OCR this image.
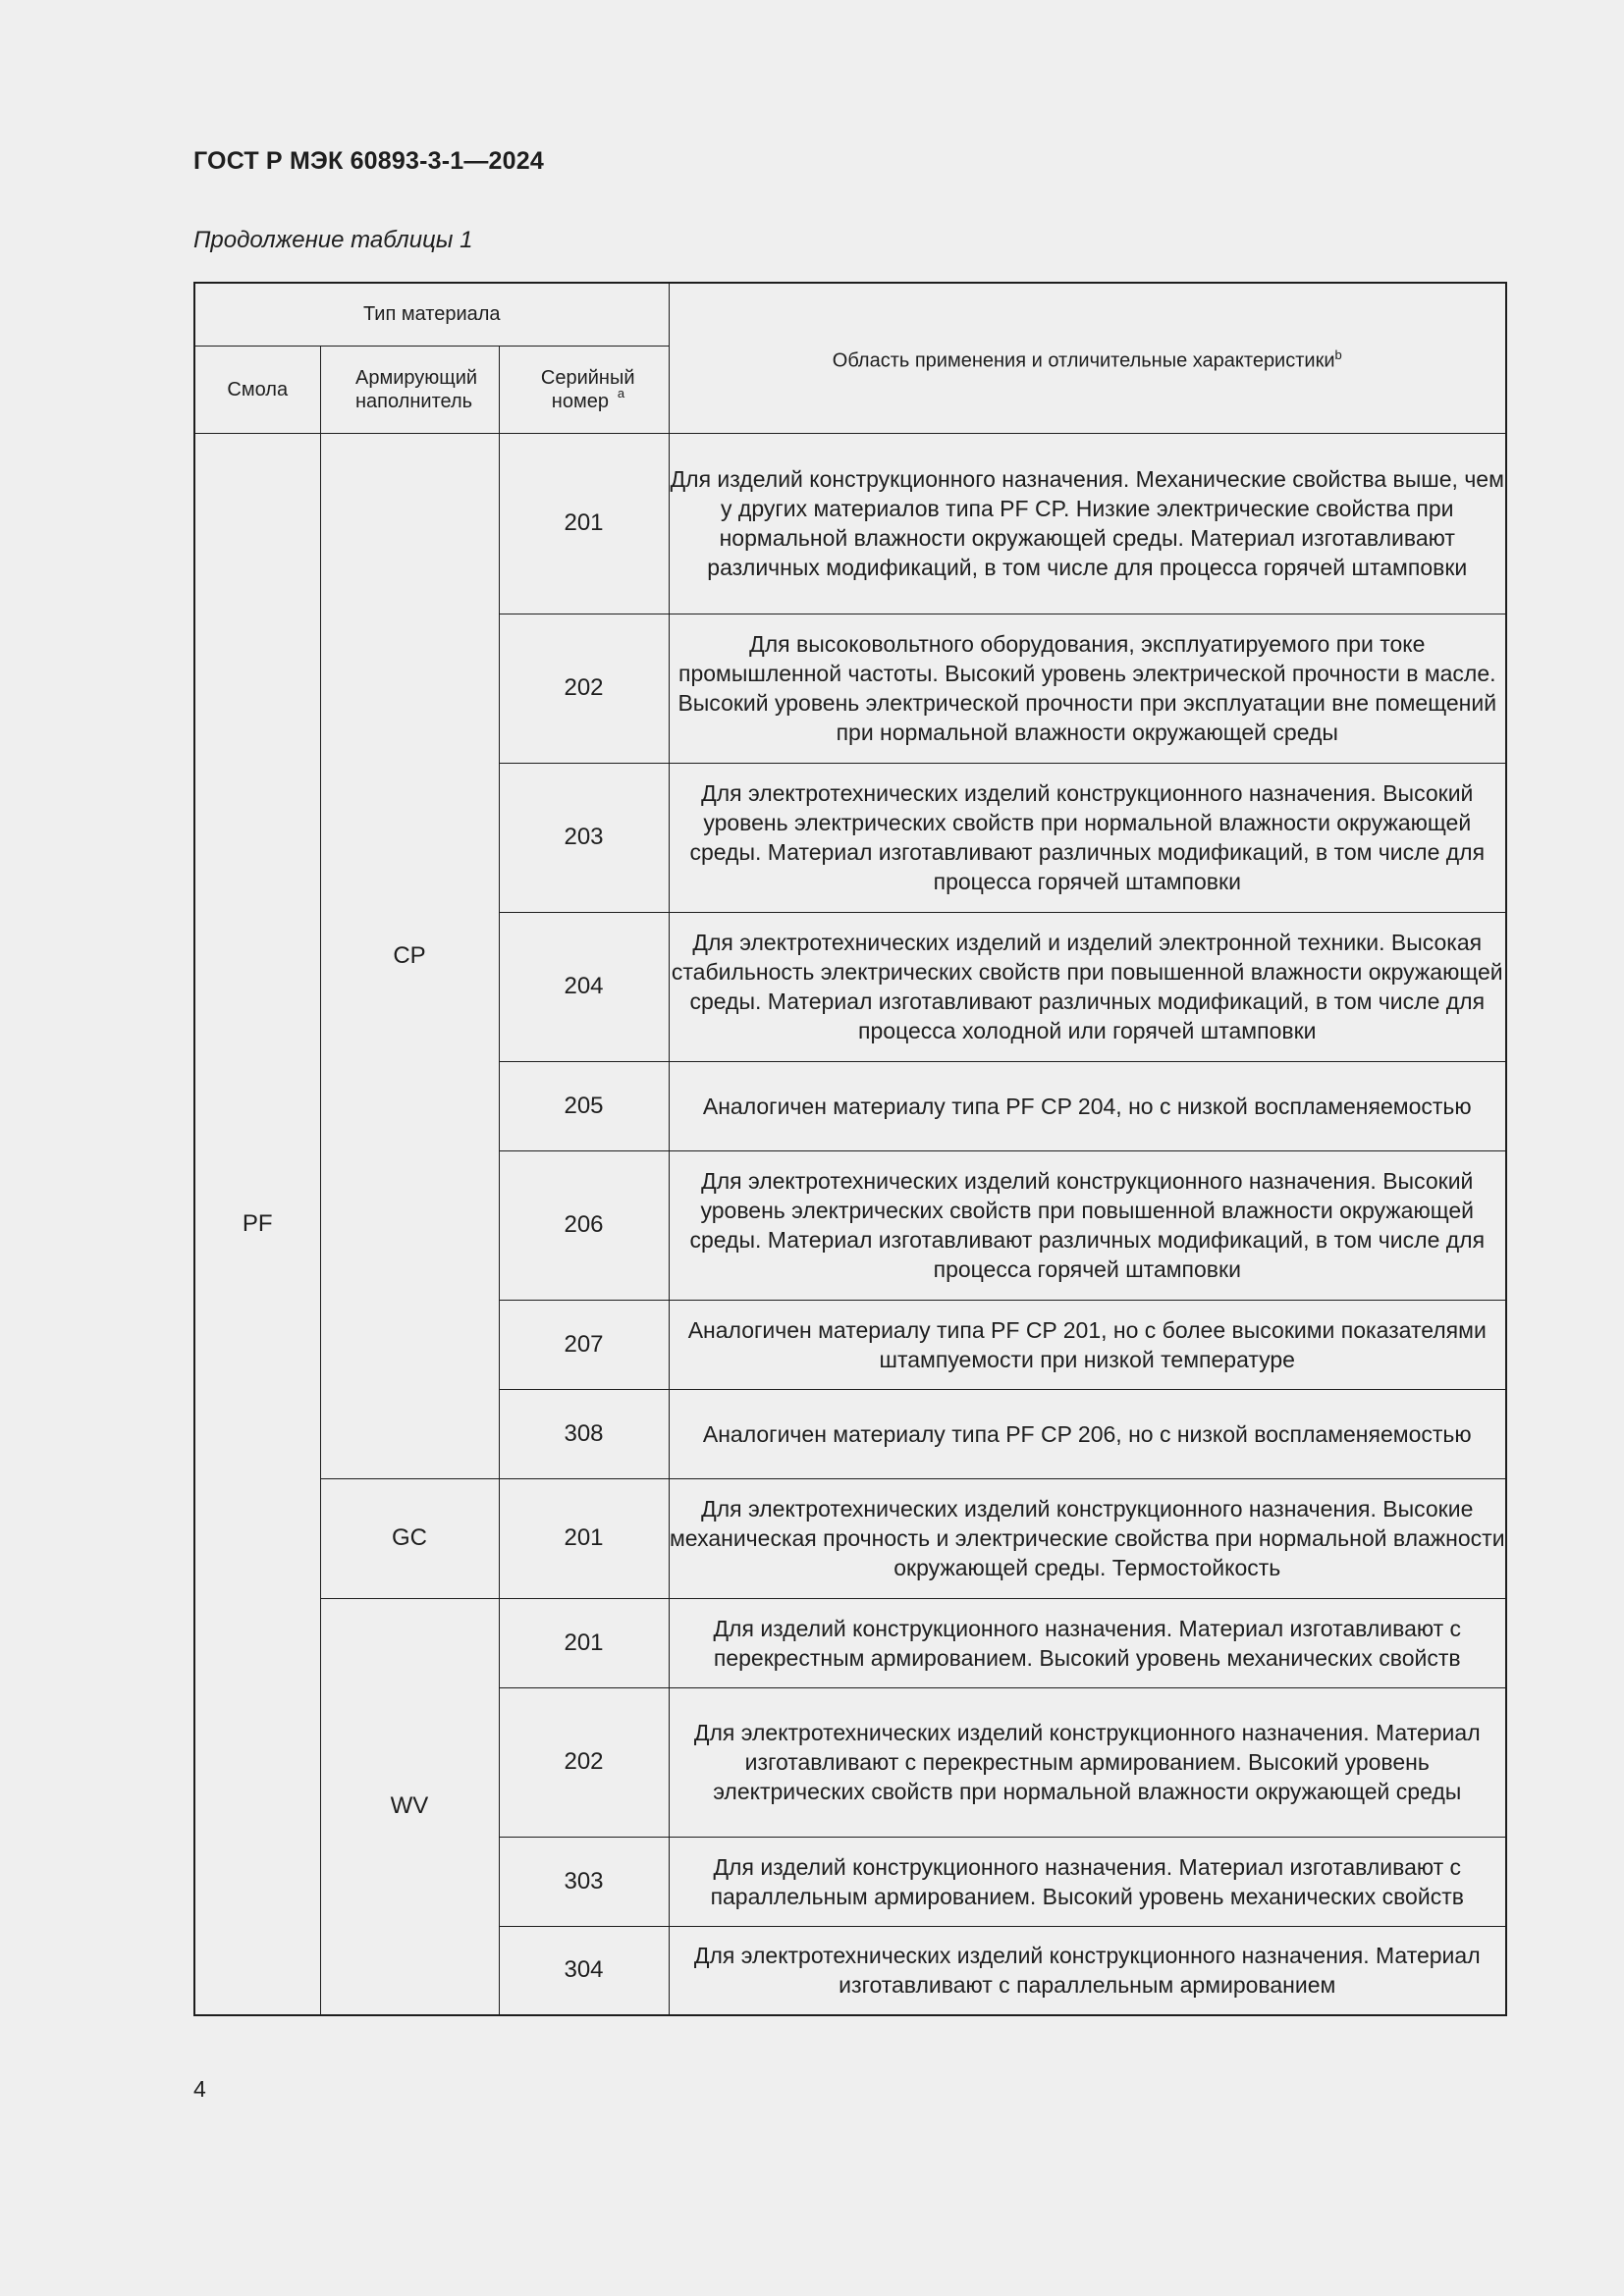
ГОСТ Р МЭК 60893-3-1—2024
Продолжение таблицы 1
Тип материала			Область применения и отличительные характеристики$^b$
Смола	Армирующий наполнитель	Серийный номер $^a$
PF	CP	201	Для изделий конструкционного назначения. Механические свойства выше, чем у других материалов типа PF CP. Низкие электрические свойства при нормальной влажности окружающей среды. Материал изготавливают различных модификаций, в том числе для процесса горячей штамповки
		202	Для высоковольтного оборудования, эксплуатируемого при токе промышленной частоты. Высокий уровень электрической прочности в масле. Высокий уровень электрической прочности при эксплуатации вне помещений при нормальной влажности окружающей среды
		203	Для электротехнических изделий конструкционного назначения. Высокий уровень электрических свойств при нормальной влажности окружающей среды. Материал изготавливают различных модификаций, в том числе для процесса горячей штамповки
		204	Для электротехнических изделий и изделий электронной техники. Высокая стабильность электрических свойств при повышенной влажности окружающей среды. Материал изготавливают различных модификаций, в том числе для процесса холодной или горячей штамповки
		205	Аналогичен материалу типа PF CP 204, но с низкой воспламеняемостью
		206	Для электротехнических изделий конструкционного назначения. Высокий уровень электрических свойств при повышенной влажности окружающей среды. Материал изготавливают различных модификаций, в том числе для процесса горячей штамповки
		207	Аналогичен материалу типа PF CP 201, но с более высокими показателями штампуемости при низкой температуре
		308	Аналогичен материалу типа PF CP 206, но с низкой воспламеняемостью
	GC	201	Для электротехнических изделий конструкционного назначения. Высокие механическая прочность и электрические свойства при нормальной влажности окружающей среды. Термостойкость
	WV	201	Для изделий конструкционного назначения. Материал изготавливают с перекрестным армированием. Высокий уровень механических свойств
		202	Для электротехнических изделий конструкционного назначения. Материал изготавливают с перекрестным армированием. Высокий уровень электрических свойств при нормальной влажности окружающей среды
		303	Для изделий конструкционного назначения. Материал изготавливают с параллельным армированием. Высокий уровень механических свойств
		304	Для электротехнических изделий конструкционного назначения. Материал изготавливают с параллельным армированием
4
